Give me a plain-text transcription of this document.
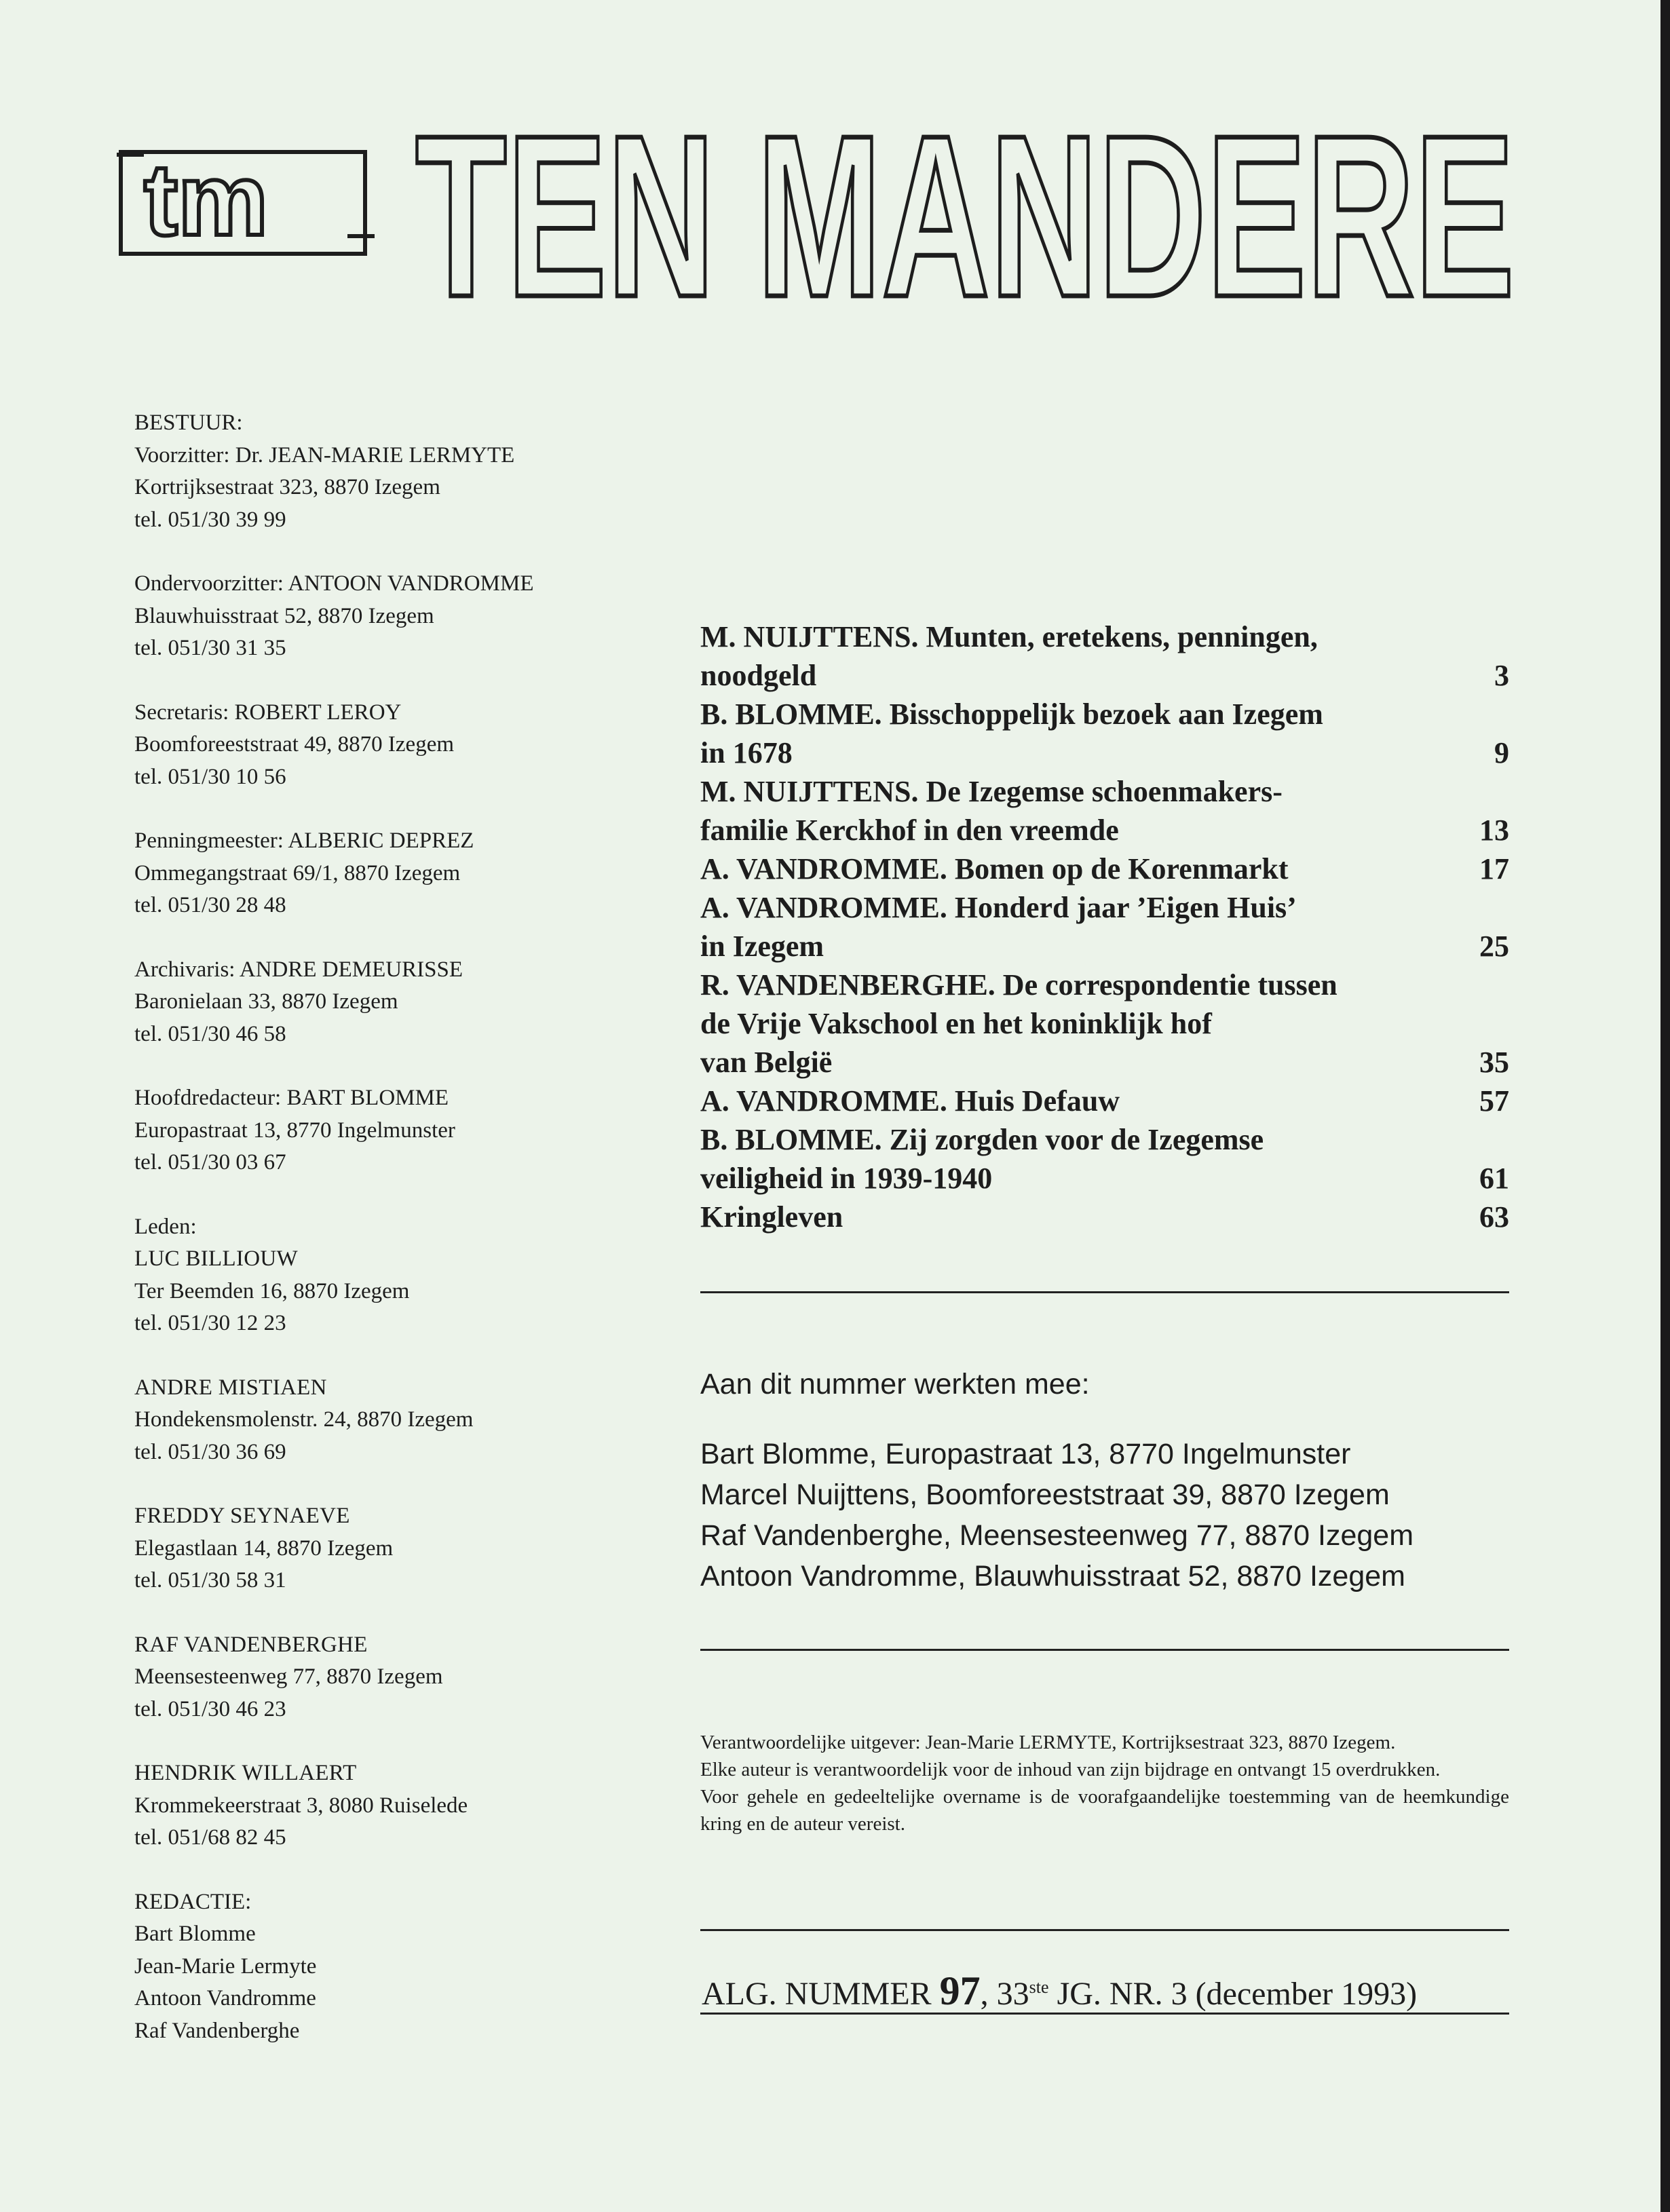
tm TEN MANDERE

BESTUUR:

Voorzitter: Dr. JEAN-MARIE LERMYTE

Kortrijksestraat 323, 8870 Izegem

tel. 051/30 39 99

Ondervoorzitter: ANTOON VANDROMME

Blauwhuisstraat 52, 8870 Izegem

tel. 051/30 31 35

Secretaris: ROBERT LEROY

Boomforeeststraat 49, 8870 Izegem

tel. 051/30 10 56

Penningmeester: ALBERIC DEPREZ

Ommegangstraat 69/1, 8870 Izegem

tel. 051/30 28 48

Archivaris: ANDRE DEMEURISSE

Baronielaan 33, 8870 Izegem

tel. 051/30 46 58

Hoofdredacteur: BART BLOMME

Europastraat 13, 8770 Ingelmunster

tel. 051/30 03 67

Leden:

LUC BILLIOUW

Ter Beemden 16, 8870 Izegem

tel. 051/30 12 23

ANDRE MISTIAEN

Hondekensmolenstr. 24, 8870 Izegem

tel. 051/30 36 69

FREDDY SEYNAEVE

Elegastlaan 14, 8870 Izegem

tel. 051/30 58 31

RAF VANDENBERGHE

Meensesteenweg 77, 8870 Izegem

tel. 051/30 46 23

HENDRIK WILLAERT

Krommekeerstraat 3, 8080 Ruiselede

tel. 051/68 82 45

REDACTIE:

Bart Blomme

Jean-Marie Lermyte

Antoon Vandromme

Raf Vandenberghe

M. NUIJTTENS. Munten, eretekens, penningen,
noodgeld	3
B. BLOMME. Bisschoppelijk bezoek aan Izegem
in 1678	9
M. NUIJTTENS. De Izegemse schoenmakers-
familie Kerckhof in den vreemde	13
A. VANDROMME. Bomen op de Korenmarkt	17
A. VANDROMME. Honderd jaar ’Eigen Huis’
in Izegem	25
R. VANDENBERGHE. De correspondentie tussen
de Vrije Vakschool en het koninklijk hof
van België	35
A. VANDROMME. Huis Defauw	57
B. BLOMME. Zij zorgden voor de Izegemse
veiligheid in 1939-1940	61
Kringleven	63

Aan dit nummer werkten mee:

Bart Blomme, Europastraat 13, 8770 Ingelmunster

Marcel Nuijttens, Boomforeeststraat 39, 8870 Izegem

Raf Vandenberghe, Meensesteenweg 77, 8870 Izegem

Antoon Vandromme, Blauwhuisstraat 52, 8870 Izegem

Verantwoordelijke uitgever: Jean-Marie LERMYTE, Kortrijksestraat 323, 8870 Izegem.

Elke auteur is verantwoordelijk voor de inhoud van zijn bijdrage en ontvangt 15 overdrukken.

Voor gehele en gedeeltelijke overname is de voorafgaandelijke toestemming van de heemkundige kring en de auteur vereist.

ALG. NUMMER 97, 33ste JG. NR. 3 (december 1993)
